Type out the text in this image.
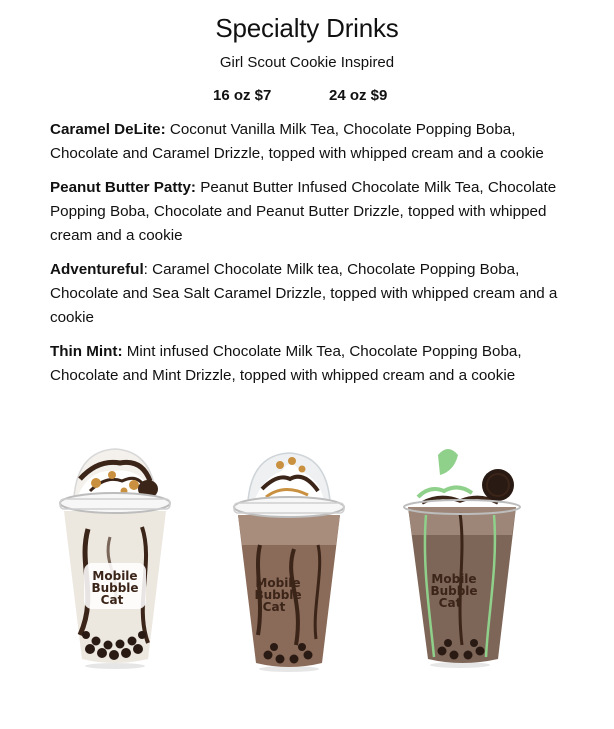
Specialty Drinks
Girl Scout Cookie Inspired
16 oz $7	24 oz $9
Caramel DeLite: Coconut Vanilla Milk Tea, Chocolate Popping Boba, Chocolate and Caramel Drizzle, topped with whipped cream and a cookie
Peanut Butter Patty: Peanut Butter Infused Chocolate Milk Tea, Chocolate Popping Boba, Chocolate and Peanut Butter Drizzle, topped with whipped cream and a cookie
Adventureful: Caramel Chocolate Milk tea, Chocolate Popping Boba, Chocolate and Sea Salt Caramel Drizzle, topped with whipped cream and a cookie
Thin Mint: Mint infused Chocolate Milk Tea, Chocolate Popping Boba, Chocolate and Mint Drizzle, topped with whipped cream and a cookie
Mobile
Bubble
Cat
Mobile
Bubble
Cat
Mobile
Bubble
Cat
